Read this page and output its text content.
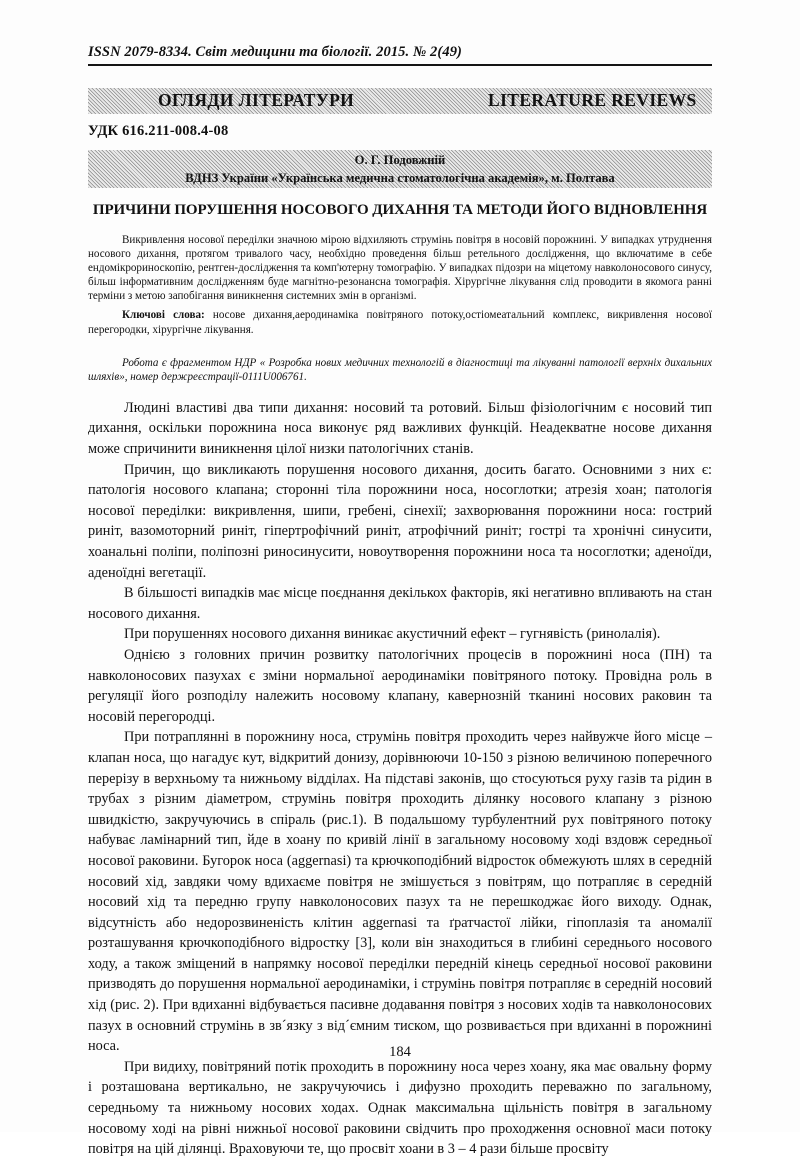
ISSN 2079-8334. Світ медицини та біології. 2015. № 2(49)
ОГЛЯДИ ЛІТЕРАТУРИ	LITERATURE REVIEWS
УДК 616.211-008.4-08
О. Г. Подовжній
ВДНЗ України «Українська медична стоматологічна академія», м. Полтава
ПРИЧИНИ ПОРУШЕННЯ НОСОВОГО ДИХАННЯ ТА МЕТОДИ ЙОГО ВІДНОВЛЕННЯ
Викривлення носової переділки значною мірою відхиляють струмінь повітря в носовій порожнині. У випадках утруднення носового дихання, протягом тривалого часу, необхідно проведення більш ретельного дослідження, що включатиме в себе ендомікрориноскопію, рентген-дослідження та комп'ютерну томографію. У випадках підозри на міцетому навколоносового синусу, більш інформативним дослідженням буде магнітно-резонансна томографія. Хірургічне лікування слід проводити в якомога ранні терміни з метою запобігання виникнення системних змін в організмі.
Ключові слова: носове дихання,аеродинаміка повітряного потоку,остіомеатальний комплекс, викривлення носової перегородки, хірургічне лікування.
Робота є фрагментом НДР « Розробка нових медичних технологій в діагностиці та лікуванні патології верхніх дихальних шляхів», номер держреєстрації-0111U006761.

Людині властиві два типи дихання: носовий та ротовий. Більш фізіологічним є носовий тип дихання, оскільки порожнина носа виконує ряд важливих функцій. Неадекватне носове дихання може спричинити виникнення цілої низки патологічних станів.

Причин, що викликають порушення носового дихання, досить багато. Основними з них є: патологія носового клапана; сторонні тіла порожнини носа, носоглотки; атрезія хоан; патологія носової переділки: викривлення, шипи, гребені, сінехії; захворювання порожнини носа: гострий риніт, вазомоторний риніт, гіпертрофічний риніт, атрофічний риніт; гострі та хронічні синусити, хоанальні поліпи, поліпозні риносинусити, новоутворення порожнини носа та носоглотки; аденоїди, аденоїдні вегетації.

В більшості випадків має місце поєднання декількох факторів, які негативно впливають на стан носового дихання.

При порушеннях носового дихання виникає акустичний ефект – гугнявість (ринолалія).

Однією з головних причин розвитку патологічних процесів в порожнині носа (ПН) та навколоносових пазухах є зміни нормальної аеродинаміки повітряного потоку. Провідна роль в регуляції його розподілу належить носовому клапану, кавернозній тканині носових раковин та носовій перегородці.

При потраплянні в порожнину носа, струмінь повітря проходить через найвужче його місце – клапан носа, що нагадує кут, відкритий донизу, дорівнюючи 10-150 з різною величиною поперечного перерізу в верхньому та нижньому відділах. На підставі законів, що стосуються руху газів та рідин в трубах з різним діаметром, струмінь повітря проходить ділянку носового клапану з різною швидкістю, закручуючись в спіраль (рис.1). В подальшому турбулентний рух повітряного потоку набуває ламінарний тип, йде в хоану по кривій лінії в загальному носовому ході вздовж середньої носової раковини. Бугорок носа (aggernasi) та крючкоподібний відросток обмежують шлях в середній носовий хід, завдяки чому вдихаєме повітря не змішується з повітрям, що потрапляє в середній носовий хід та передню групу навколоносових пазух та не перешкоджає його виходу. Однак, відсутність або недорозвиненість клітин aggernasi та ґратчастої лійки, гіпоплазія та аномалії розташування крючкоподібного відростку [3], коли він знаходиться в глибині середнього носового ходу, а також зміщений в напрямку носової переділки передній кінець середньої носової раковини призводять до порушення нормальної аеродинаміки, і струмінь повітря потрапляє в середній носовий хід (рис. 2). При вдиханні відбувається пасивне додавання повітря з носових ходів та навколоносових пазух в основний струмінь в зв´язку з від´ємним тиском, що розвивається при вдиханні в порожнині носа.

При видиху, повітряний потік проходить в порожнину носа через хоану, яка має овальну форму і розташована вертикально, не закручуючись і дифузно проходить переважно по загальному, середньому та нижньому носових ходах. Однак максимальна щільність повітря в загальному носовому ході на рівні нижньої носової раковини свідчить про проходження основної маси потоку повітря на цій ділянці. Враховуючи те, що просвіт хоани в 3 – 4 рази більше просвіту

184
